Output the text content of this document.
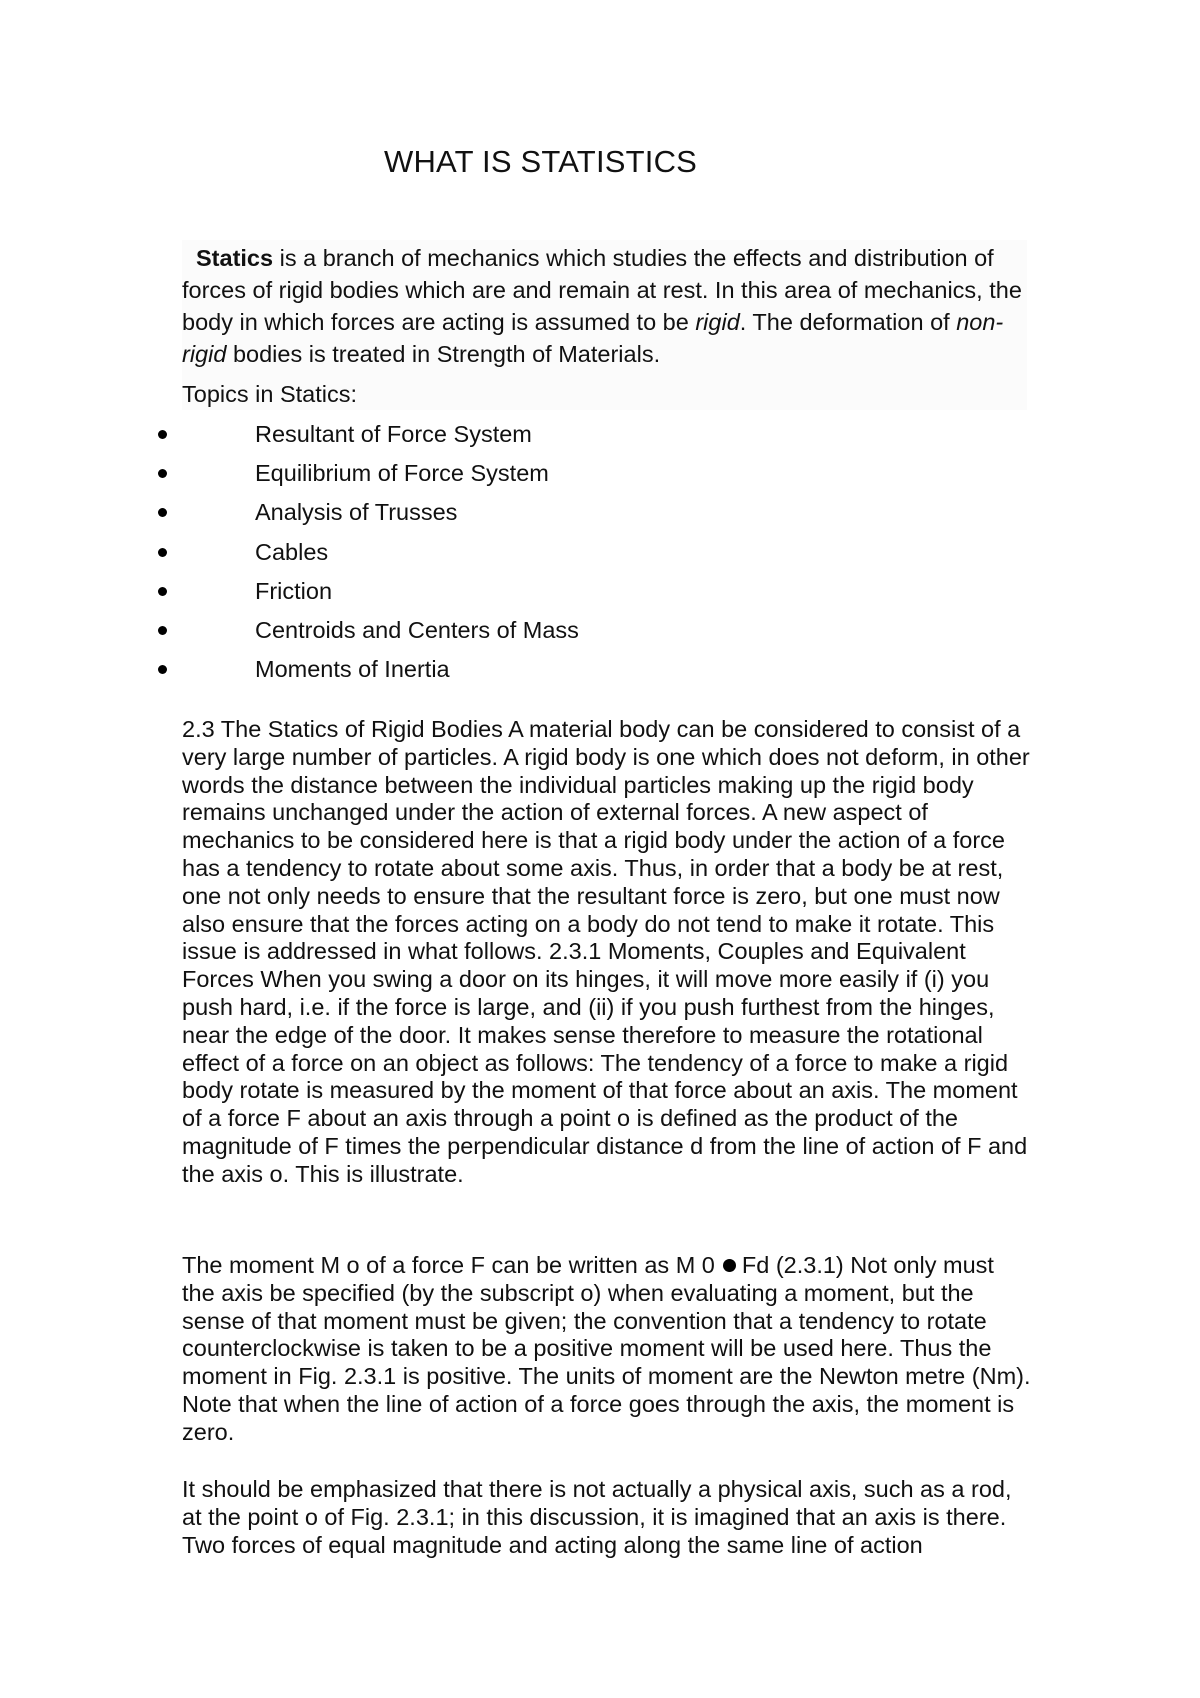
WHAT IS STATISTICS
Statics is a branch of mechanics which studies the effects and distribution of forces of rigid bodies which are and remain at rest. In this area of mechanics, the body in which forces are acting is assumed to be rigid. The deformation of non-rigid bodies is treated in Strength of Materials.
Topics in Statics:
Resultant of Force System
Equilibrium of Force System
Analysis of Trusses
Cables
Friction
Centroids and Centers of Mass
Moments of Inertia

2.3 The Statics of Rigid Bodies A material body can be considered to consist of a very large number of particles. A rigid body is one which does not deform, in other words the distance between the individual particles making up the rigid body remains unchanged under the action of external forces. A new aspect of mechanics to be considered here is that a rigid body under the action of a force has a tendency to rotate about some axis. Thus, in order that a body be at rest, one not only needs to ensure that the resultant force is zero, but one must now also ensure that the forces acting on a body do not tend to make it rotate. This issue is addressed in what follows. 2.3.1 Moments, Couples and Equivalent Forces When you swing a door on its hinges, it will move more easily if (i) you push hard, i.e. if the force is large, and (ii) if you push furthest from the hinges, near the edge of the door. It makes sense therefore to measure the rotational effect of a force on an object as follows: The tendency of a force to make a rigid body rotate is measured by the moment of that force about an axis. The moment of a force F about an axis through a point o is defined as the product of the magnitude of F times the perpendicular distance d from the line of action of F and the axis o. This is illustrate.

The moment M o of a force F can be written as M 0 Fd (2.3.1) Not only must the axis be specified (by the subscript o) when evaluating a moment, but the sense of that moment must be given; the convention that a tendency to rotate counterclockwise is taken to be a positive moment will be used here. Thus the moment in Fig. 2.3.1 is positive. The units of moment are the Newton metre (Nm). Note that when the line of action of a force goes through the axis, the moment is zero.

It should be emphasized that there is not actually a physical axis, such as a rod, at the point o of Fig. 2.3.1; in this discussion, it is imagined that an axis is there. Two forces of equal magnitude and acting along the same line of action
